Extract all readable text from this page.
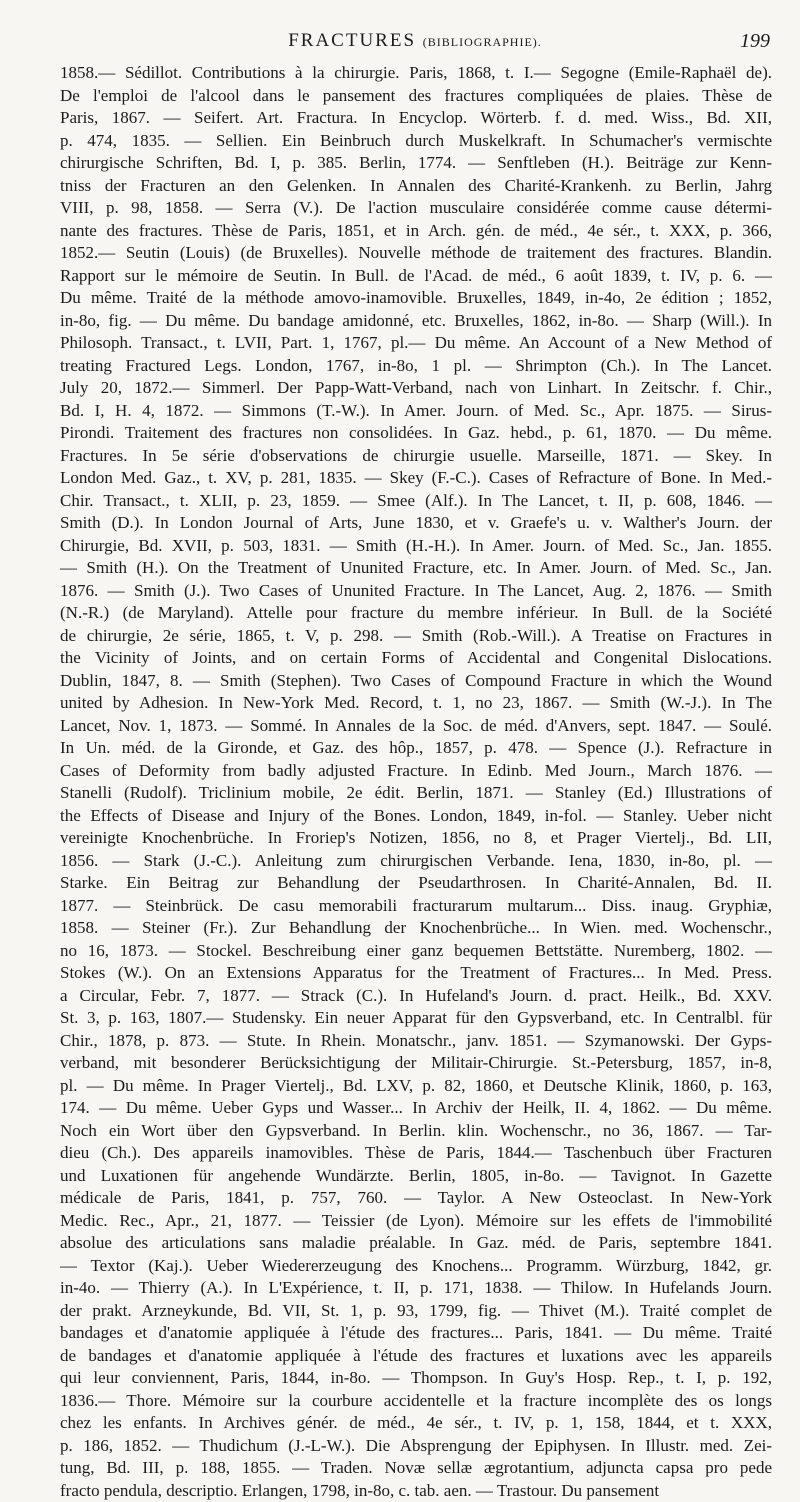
FRACTURES (BIBLIOGRAPHIE).	199
1858.— Sédillot. Contributions à la chirurgie. Paris, 1868, t. I.— Segogne (Emile-Raphaël de).
De l'emploi de l'alcool dans le pansement des fractures compliquées de plaies. Thèse de
Paris, 1867. — Seifert. Art. Fractura. In Encyclop. Wörterb. f. d. med. Wiss., Bd. XII,
p. 474, 1835. — Sellien. Ein Beinbruch durch Muskelkraft. In Schumacher's vermischte
chirurgische Schriften, Bd. I, p. 385. Berlin, 1774. — Senftleben (H.). Beiträge zur Kenn-
tniss der Fracturen an den Gelenken. In Annalen des Charité-Krankenh. zu Berlin, Jahrg
VIII, p. 98, 1858. — Serra (V.). De l'action musculaire considérée comme cause détermi-
nante des fractures. Thèse de Paris, 1851, et in Arch. gén. de méd., 4e sér., t. XXX, p. 366,
1852.— Seutin (Louis) (de Bruxelles). Nouvelle méthode de traitement des fractures. Blandin.
Rapport sur le mémoire de Seutin. In Bull. de l'Acad. de méd., 6 août 1839, t. IV, p. 6. —
Du même. Traité de la méthode amovo-inamovible. Bruxelles, 1849, in-4o, 2e édition ; 1852,
in-8o, fig. — Du même. Du bandage amidonné, etc. Bruxelles, 1862, in-8o. — Sharp (Will.). In
Philosoph. Transact., t. LVII, Part. 1, 1767, pl.— Du même. An Account of a New Method of
treating Fractured Legs. London, 1767, in-8o, 1 pl. — Shrimpton (Ch.). In The Lancet.
July 20, 1872.— Simmerl. Der Papp-Watt-Verband, nach von Linhart. In Zeitschr. f. Chir.,
Bd. I, H. 4, 1872. — Simmons (T.-W.). In Amer. Journ. of Med. Sc., Apr. 1875. — Sirus-
Pirondi. Traitement des fractures non consolidées. In Gaz. hebd., p. 61, 1870. — Du même.
Fractures. In 5e série d'observations de chirurgie usuelle. Marseille, 1871. — Skey. In
London Med. Gaz., t. XV, p. 281, 1835. — Skey (F.-C.). Cases of Refracture of Bone. In Med.-
Chir. Transact., t. XLII, p. 23, 1859. — Smee (Alf.). In The Lancet, t. II, p. 608, 1846. —
Smith (D.). In London Journal of Arts, June 1830, et v. Graefe's u. v. Walther's Journ. der
Chirurgie, Bd. XVII, p. 503, 1831. — Smith (H.-H.). In Amer. Journ. of Med. Sc., Jan. 1855.
— Smith (H.). On the Treatment of Ununited Fracture, etc. In Amer. Journ. of Med. Sc., Jan.
1876. — Smith (J.). Two Cases of Ununited Fracture. In The Lancet, Aug. 2, 1876. — Smith
(N.-R.) (de Maryland). Attelle pour fracture du membre inférieur. In Bull. de la Société
de chirurgie, 2e série, 1865, t. V, p. 298. — Smith (Rob.-Will.). A Treatise on Fractures in
the Vicinity of Joints, and on certain Forms of Accidental and Congenital Dislocations.
Dublin, 1847, 8. — Smith (Stephen). Two Cases of Compound Fracture in which the Wound
united by Adhesion. In New-York Med. Record, t. 1, no 23, 1867. — Smith (W.-J.). In The
Lancet, Nov. 1, 1873. — Sommé. In Annales de la Soc. de méd. d'Anvers, sept. 1847. — Soulé.
In Un. méd. de la Gironde, et Gaz. des hôp., 1857, p. 478. — Spence (J.). Refracture in
Cases of Deformity from badly adjusted Fracture. In Edinb. Med Journ., March 1876. —
Stanelli (Rudolf). Triclinium mobile, 2e édit. Berlin, 1871. — Stanley (Ed.) Illustrations of
the Effects of Disease and Injury of the Bones. London, 1849, in-fol. — Stanley. Ueber nicht
vereinigte Knochenbrüche. In Froriep's Notizen, 1856, no 8, et Prager Viertelj., Bd. LII,
1856. — Stark (J.-C.). Anleitung zum chirurgischen Verbande. Iena, 1830, in-8o, pl. —
Starke. Ein Beitrag zur Behandlung der Pseudarthrosen. In Charité-Annalen, Bd. II.
1877. — Steinbrück. De casu memorabili fracturarum multarum... Diss. inaug. Gryphiæ,
1858. — Steiner (Fr.). Zur Behandlung der Knochenbrüche... In Wien. med. Wochenschr.,
no 16, 1873. — Stockel. Beschreibung einer ganz bequemen Bettstätte. Nuremberg, 1802. —
Stokes (W.). On an Extensions Apparatus for the Treatment of Fractures... In Med. Press.
a Circular, Febr. 7, 1877. — Strack (C.). In Hufeland's Journ. d. pract. Heilk., Bd. XXV.
St. 3, p. 163, 1807.— Studensky. Ein neuer Apparat für den Gypsverband, etc. In Centralbl. für
Chir., 1878, p. 873. — Stute. In Rhein. Monatschr., janv. 1851. — Szymanowski. Der Gyps-
verband, mit besonderer Berücksichtigung der Militair-Chirurgie. St.-Petersburg, 1857, in-8,
pl. — Du même. In Prager Viertelj., Bd. LXV, p. 82, 1860, et Deutsche Klinik, 1860, p. 163,
174. — Du même. Ueber Gyps und Wasser... In Archiv der Heilk, II. 4, 1862. — Du même.
Noch ein Wort über den Gypsverband. In Berlin. klin. Wochenschr., no 36, 1867. — Tar-
dieu (Ch.). Des appareils inamovibles. Thèse de Paris, 1844.— Taschenbuch über Fracturen
und Luxationen für angehende Wundärzte. Berlin, 1805, in-8o. — Tavignot. In Gazette
médicale de Paris, 1841, p. 757, 760. — Taylor. A New Osteoclast. In New-York
Medic. Rec., Apr., 21, 1877. — Teissier (de Lyon). Mémoire sur les effets de l'immobilité
absolue des articulations sans maladie préalable. In Gaz. méd. de Paris, septembre 1841.
— Textor (Kaj.). Ueber Wiedererzeugung des Knochens... Programm. Würzburg, 1842, gr.
in-4o. — Thierry (A.). In L'Expérience, t. II, p. 171, 1838. — Thilow. In Hufelands Journ.
der prakt. Arzneykunde, Bd. VII, St. 1, p. 93, 1799, fig. — Thivet (M.). Traité complet de
bandages et d'anatomie appliquée à l'étude des fractures... Paris, 1841. — Du même. Traité
de bandages et d'anatomie appliquée à l'étude des fractures et luxations avec les appareils
qui leur conviennent, Paris, 1844, in-8o. — Thompson. In Guy's Hosp. Rep., t. I, p. 192,
1836.— Thore. Mémoire sur la courbure accidentelle et la fracture incomplète des os longs
chez les enfants. In Archives génér. de méd., 4e sér., t. IV, p. 1, 158, 1844, et t. XXX,
p. 186, 1852. — Thudichum (J.-L-W.). Die Absprengung der Epiphysen. In Illustr. med. Zei-
tung, Bd. III, p. 188, 1855. — Traden. Novæ sellæ ægrotantium, adjuncta capsa pro pede
fracto pendula, descriptio. Erlangen, 1798, in-8o, c. tab. aen. — Trastour. Du pansement
